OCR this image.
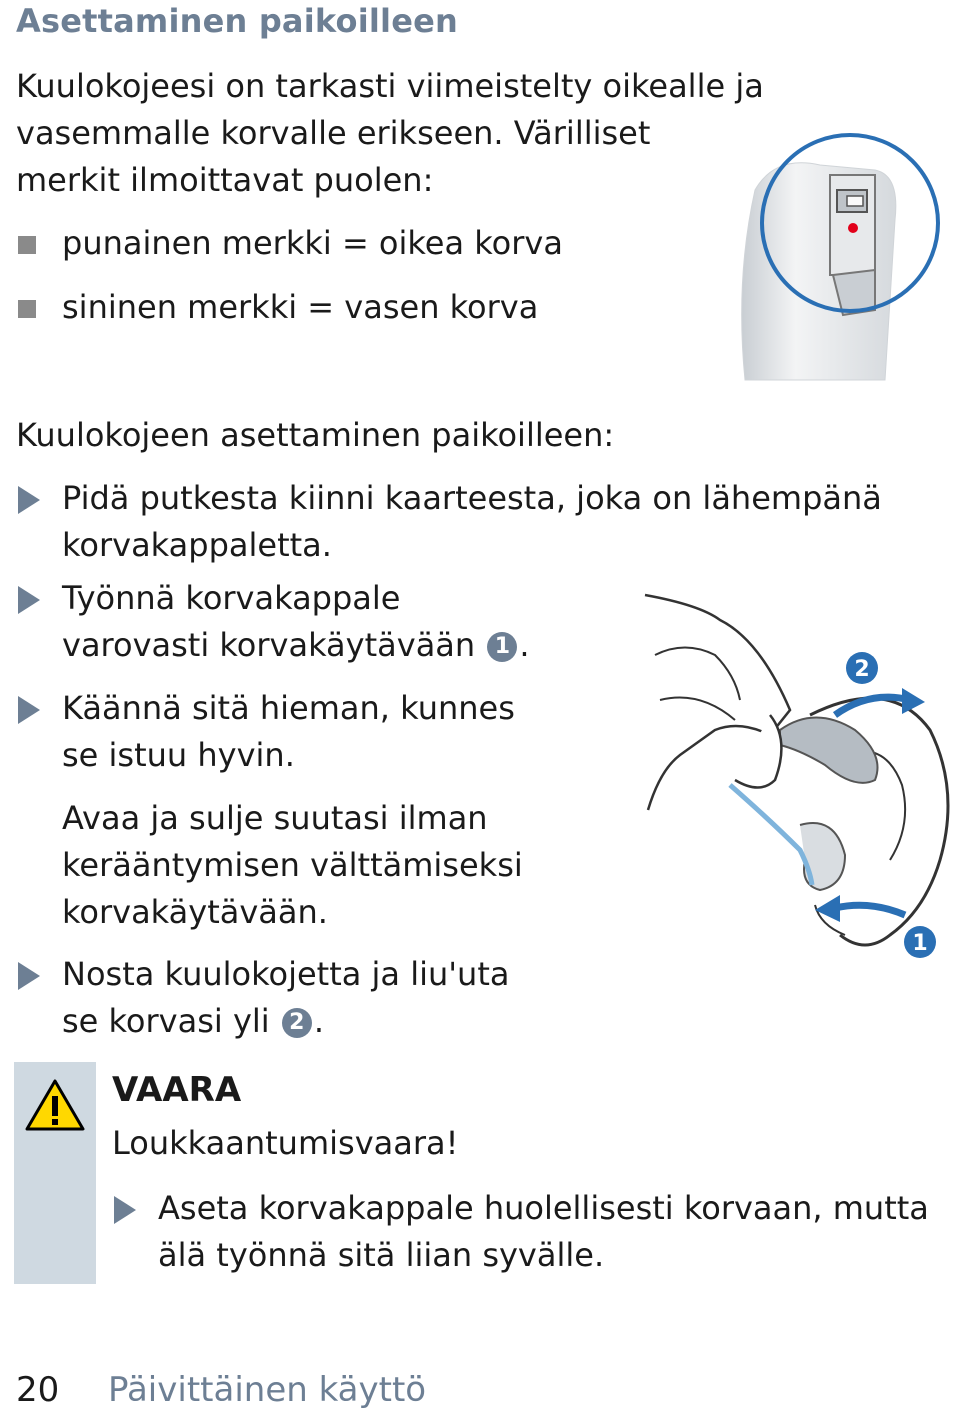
Asettaminen paikoilleen
Kuulokojeesi on tarkasti viimeistelty oikealle ja
vasemmalle korvalle erikseen. Värilliset
merkit ilmoittavat puolen:
punainen merkki = oikea korva
sininen merkki = vasen korva
Kuulokojeen asettaminen paikoilleen:
Pidä putkesta kiinni kaarteesta, joka on lähempänä
korvakappaletta.
Työnnä korvakappale
varovasti korvakäytävään 1 .
Käännä sitä hieman, kunnes
se istuu hyvin.
Avaa ja sulje suutasi ilman
kerääntymisen välttämiseksi
korvakäytävään.
Nosta kuulokojetta ja liu'uta
se korvasi yli 2 .
2
1
VAARA
Loukkaantumisvaara!
Aseta korvakappale huolellisesti korvaan, mutta
älä työnnä sitä liian syvälle.
20 Päivittäinen käyttö
